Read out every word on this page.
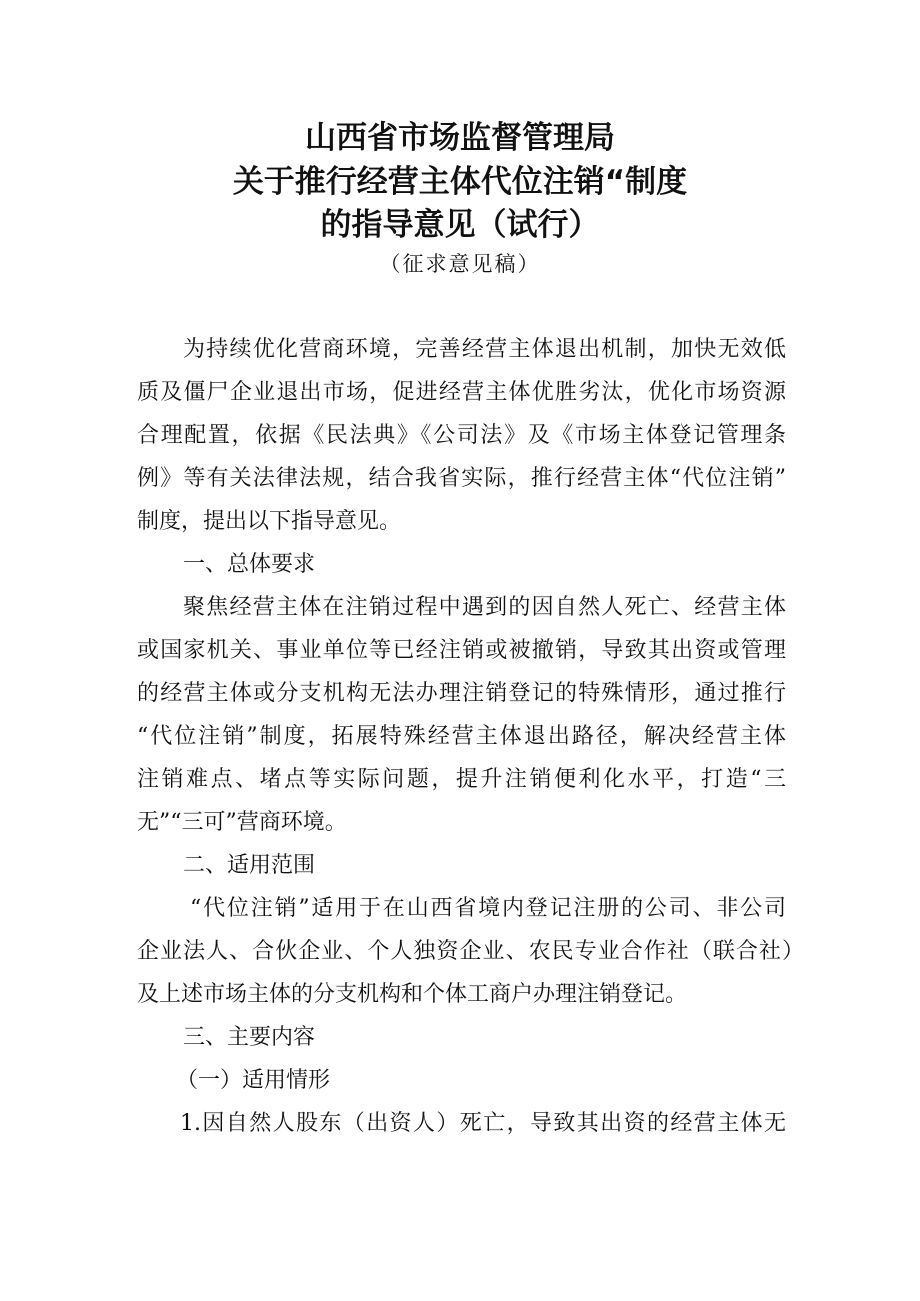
山西省市场监督管理局
关于推行经营主体代位注销“制度
的指导意见（试行）
（征求意见稿）
为持续优化营商环境，完善经营主体退出机制，加快无效低
质及僵尸企业退出市场，促进经营主体优胜劣汰，优化市场资源
合理配置，依据《民法典》《公司法》及《市场主体登记管理条
例》等有关法律法规，结合我省实际，推行经营主体“代位注销”
制度，提出以下指导意见。
一、总体要求
聚焦经营主体在注销过程中遇到的因自然人死亡、经营主体
或国家机关、事业单位等已经注销或被撤销，导致其出资或管理
的经营主体或分支机构无法办理注销登记的特殊情形，通过推行
“代位注销”制度，拓展特殊经营主体退出路径，解决经营主体
注销难点、堵点等实际问题，提升注销便利化水平，打造“三
无”“三可”营商环境。
二、适用范围
“代位注销”适用于在山西省境内登记注册的公司、非公司
企业法人、合伙企业、个人独资企业、农民专业合作社（联合社）
及上述市场主体的分支机构和个体工商户办理注销登记。
三、主要内容
（一）适用情形
1.因自然人股东（出资人）死亡，导致其出资的经营主体无
